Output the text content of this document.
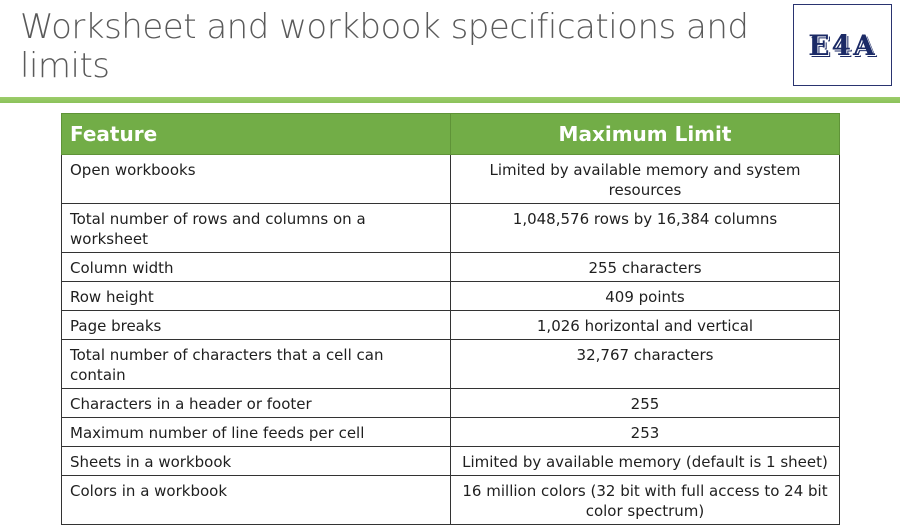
Worksheet and workbook specifications and limits
E4A
Feature	Maximum Limit
Open workbooks	Limited by available memory and system resources
Total number of rows and columns on a worksheet	1,048,576 rows by 16,384 columns
Column width	255 characters
Row height	409 points
Page breaks	1,026 horizontal and vertical
Total number of characters that a cell can contain	32,767 characters
Characters in a header or footer	255
Maximum number of line feeds per cell	253
Sheets in a workbook	Limited by available memory (default is 1 sheet)
Colors in a workbook	16 million colors (32 bit with full access to 24 bit color spectrum)
